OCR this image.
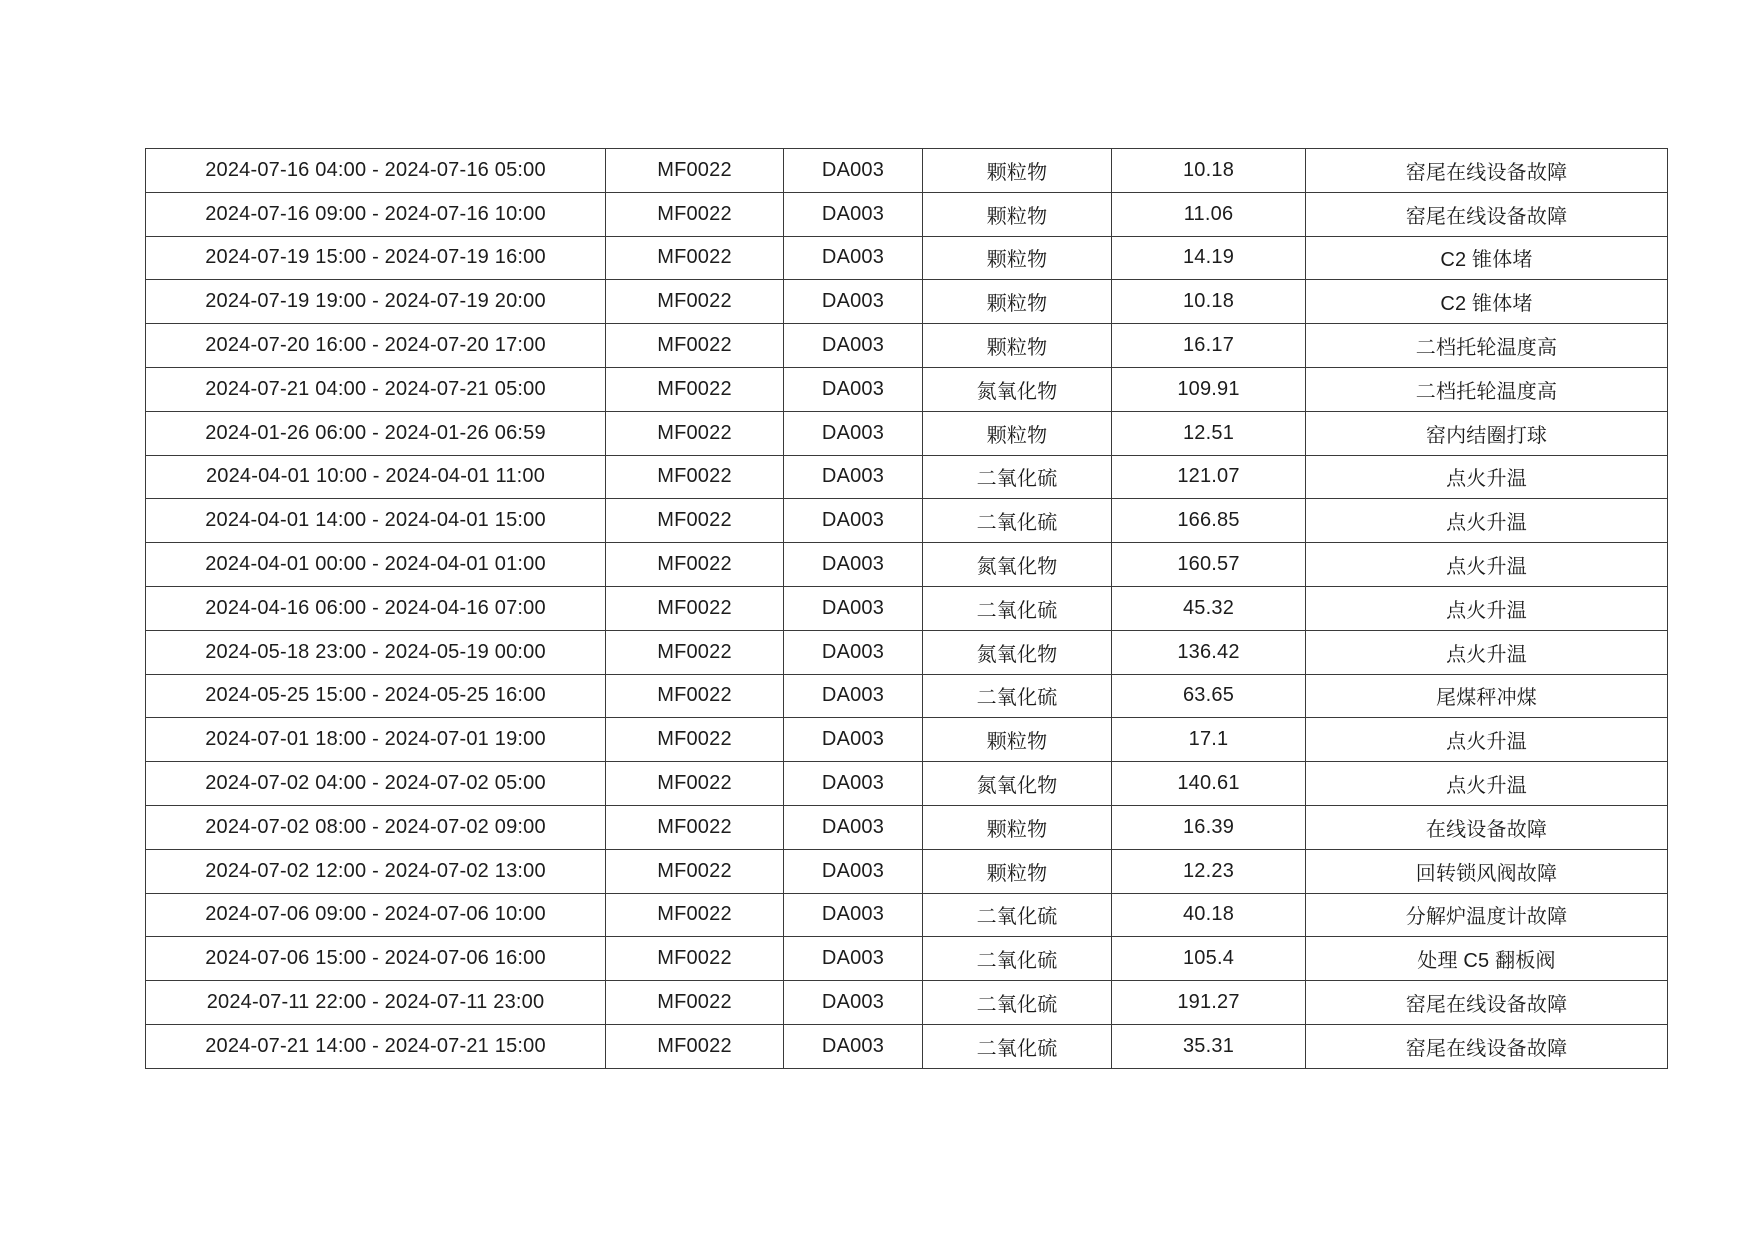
2024-07-16 04:00 - 2024-07-16 05:00	MF0022	DA003	颗粒物	10.18	窑尾在线设备故障
2024-07-16 09:00 - 2024-07-16 10:00	MF0022	DA003	颗粒物	11.06	窑尾在线设备故障
2024-07-19 15:00 - 2024-07-19 16:00	MF0022	DA003	颗粒物	14.19	C2 锥体堵
2024-07-19 19:00 - 2024-07-19 20:00	MF0022	DA003	颗粒物	10.18	C2 锥体堵
2024-07-20 16:00 - 2024-07-20 17:00	MF0022	DA003	颗粒物	16.17	二档托轮温度高
2024-07-21 04:00 - 2024-07-21 05:00	MF0022	DA003	氮氧化物	109.91	二档托轮温度高
2024-01-26 06:00 - 2024-01-26 06:59	MF0022	DA003	颗粒物	12.51	窑内结圈打球
2024-04-01 10:00 - 2024-04-01 11:00	MF0022	DA003	二氧化硫	121.07	点火升温
2024-04-01 14:00 - 2024-04-01 15:00	MF0022	DA003	二氧化硫	166.85	点火升温
2024-04-01 00:00 - 2024-04-01 01:00	MF0022	DA003	氮氧化物	160.57	点火升温
2024-04-16 06:00 - 2024-04-16 07:00	MF0022	DA003	二氧化硫	45.32	点火升温
2024-05-18 23:00 - 2024-05-19 00:00	MF0022	DA003	氮氧化物	136.42	点火升温
2024-05-25 15:00 - 2024-05-25 16:00	MF0022	DA003	二氧化硫	63.65	尾煤秤冲煤
2024-07-01 18:00 - 2024-07-01 19:00	MF0022	DA003	颗粒物	17.1	点火升温
2024-07-02 04:00 - 2024-07-02 05:00	MF0022	DA003	氮氧化物	140.61	点火升温
2024-07-02 08:00 - 2024-07-02 09:00	MF0022	DA003	颗粒物	16.39	在线设备故障
2024-07-02 12:00 - 2024-07-02 13:00	MF0022	DA003	颗粒物	12.23	回转锁风阀故障
2024-07-06 09:00 - 2024-07-06 10:00	MF0022	DA003	二氧化硫	40.18	分解炉温度计故障
2024-07-06 15:00 - 2024-07-06 16:00	MF0022	DA003	二氧化硫	105.4	处理 C5 翻板阀
2024-07-11 22:00 - 2024-07-11 23:00	MF0022	DA003	二氧化硫	191.27	窑尾在线设备故障
2024-07-21 14:00 - 2024-07-21 15:00	MF0022	DA003	二氧化硫	35.31	窑尾在线设备故障
